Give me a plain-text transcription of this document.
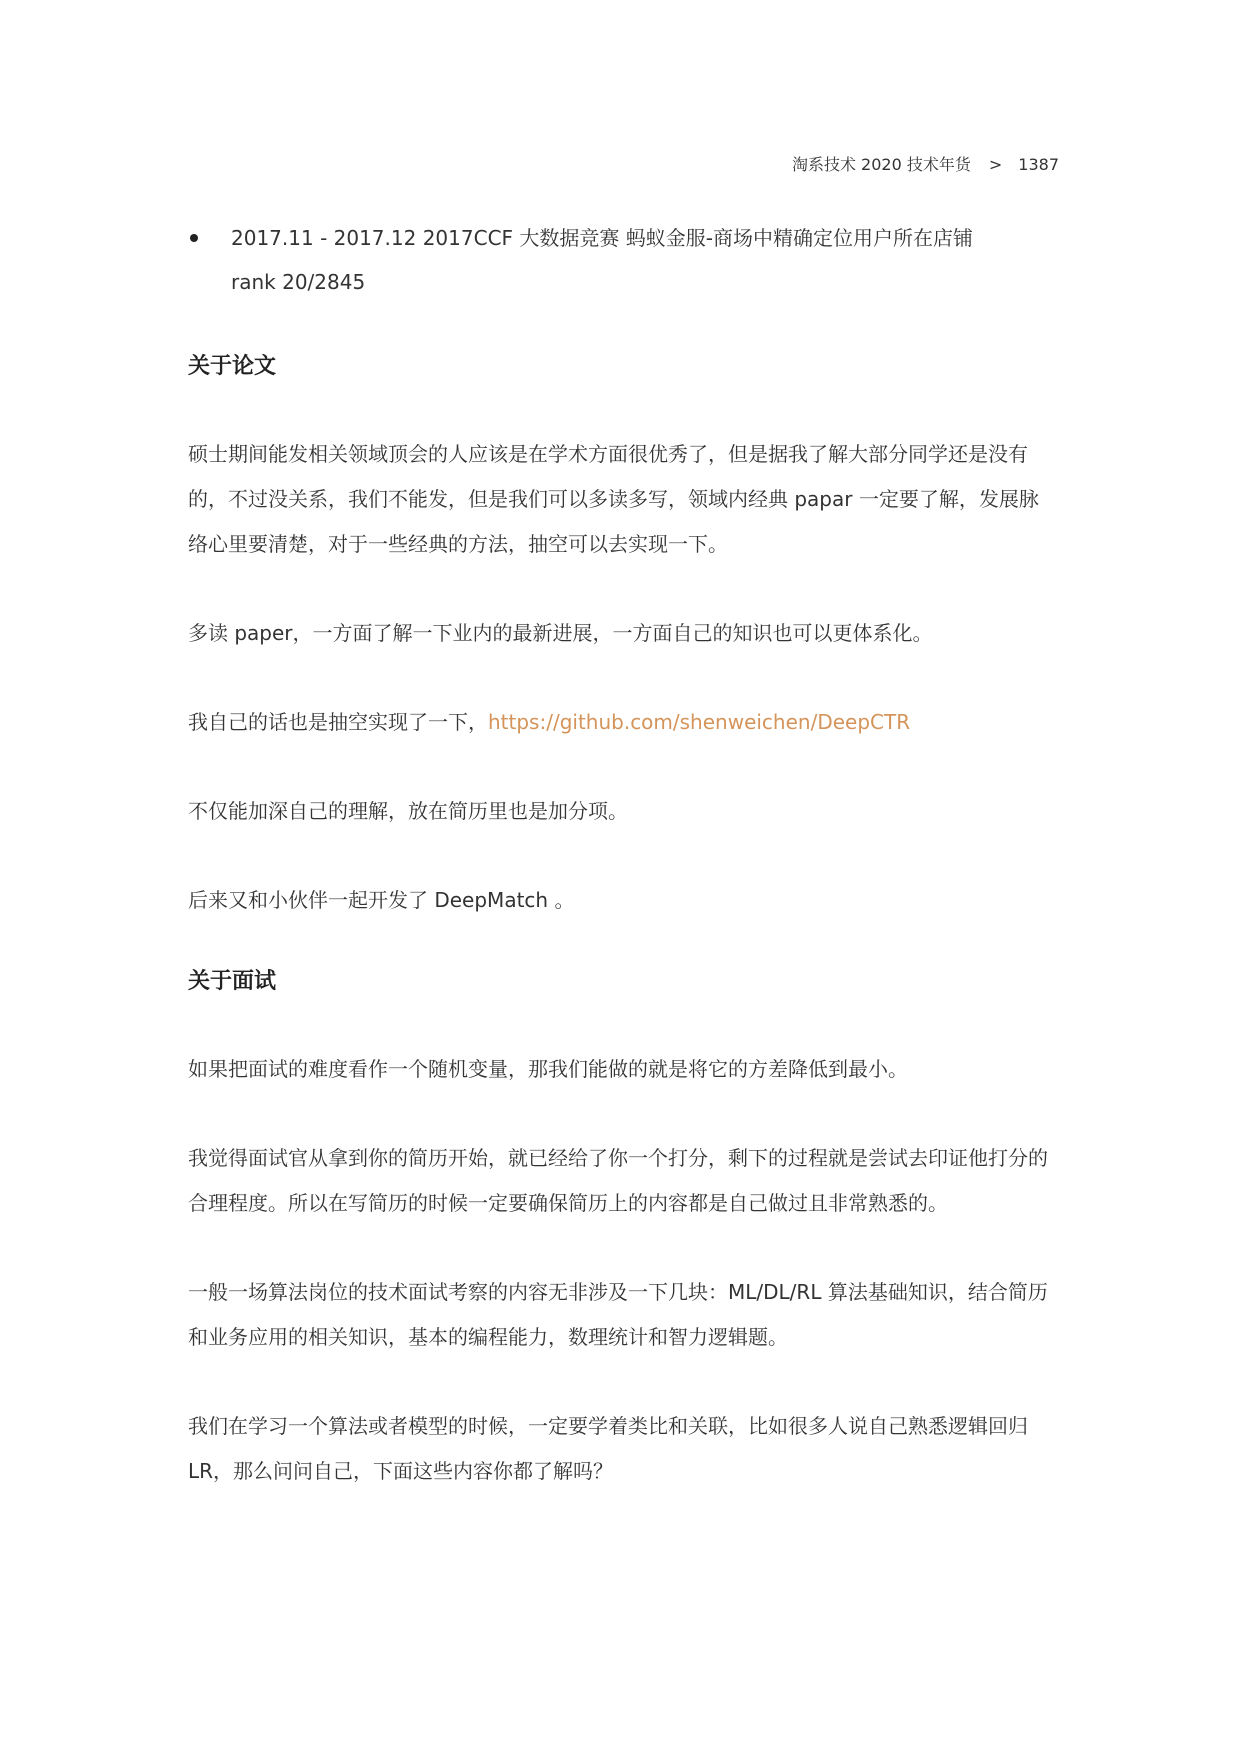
淘系技术 2020 技术年货 > 1387
2017.11 - 2017.12 2017CCF 大数据竞赛 蚂蚁金服-商场中精确定位用户所在店铺
rank 20/2845
关于论文

硕士期间能发相关领域顶会的人应该是在学术方面很优秀了，但是据我了解大部分同学还是没有的，不过没关系，我们不能发，但是我们可以多读多写，领域内经典 papar 一定要了解，发展脉络心里要清楚，对于一些经典的方法，抽空可以去实现一下。

多读 paper，一方面了解一下业内的最新进展，一方面自己的知识也可以更体系化。

我自己的话也是抽空实现了一下，https://github.com/shenweichen/DeepCTR

不仅能加深自己的理解，放在简历里也是加分项。

后来又和小伙伴一起开发了 DeepMatch 。

关于面试

如果把面试的难度看作一个随机变量，那我们能做的就是将它的方差降低到最小。

我觉得面试官从拿到你的简历开始，就已经给了你一个打分，剩下的过程就是尝试去印证他打分的合理程度。所以在写简历的时候一定要确保简历上的内容都是自己做过且非常熟悉的。

一般一场算法岗位的技术面试考察的内容无非涉及一下几块：ML/DL/RL 算法基础知识，结合简历和业务应用的相关知识，基本的编程能力，数理统计和智力逻辑题。

我们在学习一个算法或者模型的时候，一定要学着类比和关联，比如很多人说自己熟悉逻辑回归 LR，那么问问自己，下面这些内容你都了解吗？
